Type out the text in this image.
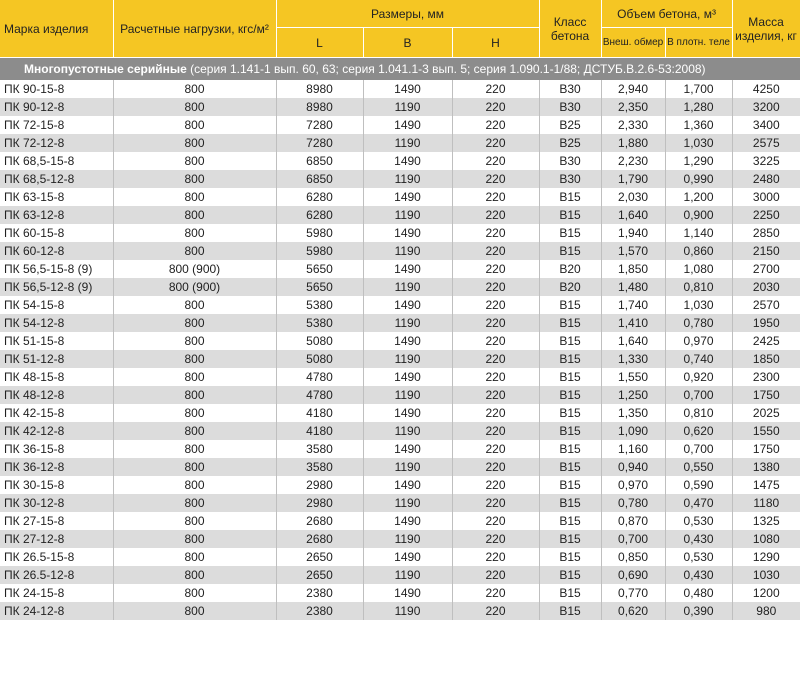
Марка изделия	Расчетные нагрузки, кгс/м²	Размеры, мм			Класс бетона	Объем бетона, м³		Масса изделия, кг
		L	B	H		Внеш. обмер	В плотн. теле	
Многопустотные серийные (серия 1.141-1 вып. 60, 63; серия 1.041.1-3 вып. 5; серия 1.090.1-1/88; ДСТУБ.В.2.6-53:2008)								
ПК 90-15-8	800	8980	1490	220	B30	2,940	1,700	4250
ПК 90-12-8	800	8980	1190	220	B30	2,350	1,280	3200
ПК 72-15-8	800	7280	1490	220	B25	2,330	1,360	3400
ПК 72-12-8	800	7280	1190	220	B25	1,880	1,030	2575
ПК 68,5-15-8	800	6850	1490	220	B30	2,230	1,290	3225
ПК 68,5-12-8	800	6850	1190	220	B30	1,790	0,990	2480
ПК 63-15-8	800	6280	1490	220	B15	2,030	1,200	3000
ПК 63-12-8	800	6280	1190	220	B15	1,640	0,900	2250
ПК 60-15-8	800	5980	1490	220	B15	1,940	1,140	2850
ПК 60-12-8	800	5980	1190	220	B15	1,570	0,860	2150
ПК 56,5-15-8 (9)	800 (900)	5650	1490	220	B20	1,850	1,080	2700
ПК 56,5-12-8 (9)	800 (900)	5650	1190	220	B20	1,480	0,810	2030
ПК 54-15-8	800	5380	1490	220	B15	1,740	1,030	2570
ПК 54-12-8	800	5380	1190	220	B15	1,410	0,780	1950
ПК 51-15-8	800	5080	1490	220	B15	1,640	0,970	2425
ПК 51-12-8	800	5080	1190	220	B15	1,330	0,740	1850
ПК 48-15-8	800	4780	1490	220	B15	1,550	0,920	2300
ПК 48-12-8	800	4780	1190	220	B15	1,250	0,700	1750
ПК 42-15-8	800	4180	1490	220	B15	1,350	0,810	2025
ПК 42-12-8	800	4180	1190	220	B15	1,090	0,620	1550
ПК 36-15-8	800	3580	1490	220	B15	1,160	0,700	1750
ПК 36-12-8	800	3580	1190	220	B15	0,940	0,550	1380
ПК 30-15-8	800	2980	1490	220	B15	0,970	0,590	1475
ПК 30-12-8	800	2980	1190	220	B15	0,780	0,470	1180
ПК 27-15-8	800	2680	1490	220	B15	0,870	0,530	1325
ПК 27-12-8	800	2680	1190	220	B15	0,700	0,430	1080
ПК 26.5-15-8	800	2650	1490	220	B15	0,850	0,530	1290
ПК 26.5-12-8	800	2650	1190	220	B15	0,690	0,430	1030
ПК 24-15-8	800	2380	1490	220	B15	0,770	0,480	1200
ПК 24-12-8	800	2380	1190	220	B15	0,620	0,390	980
